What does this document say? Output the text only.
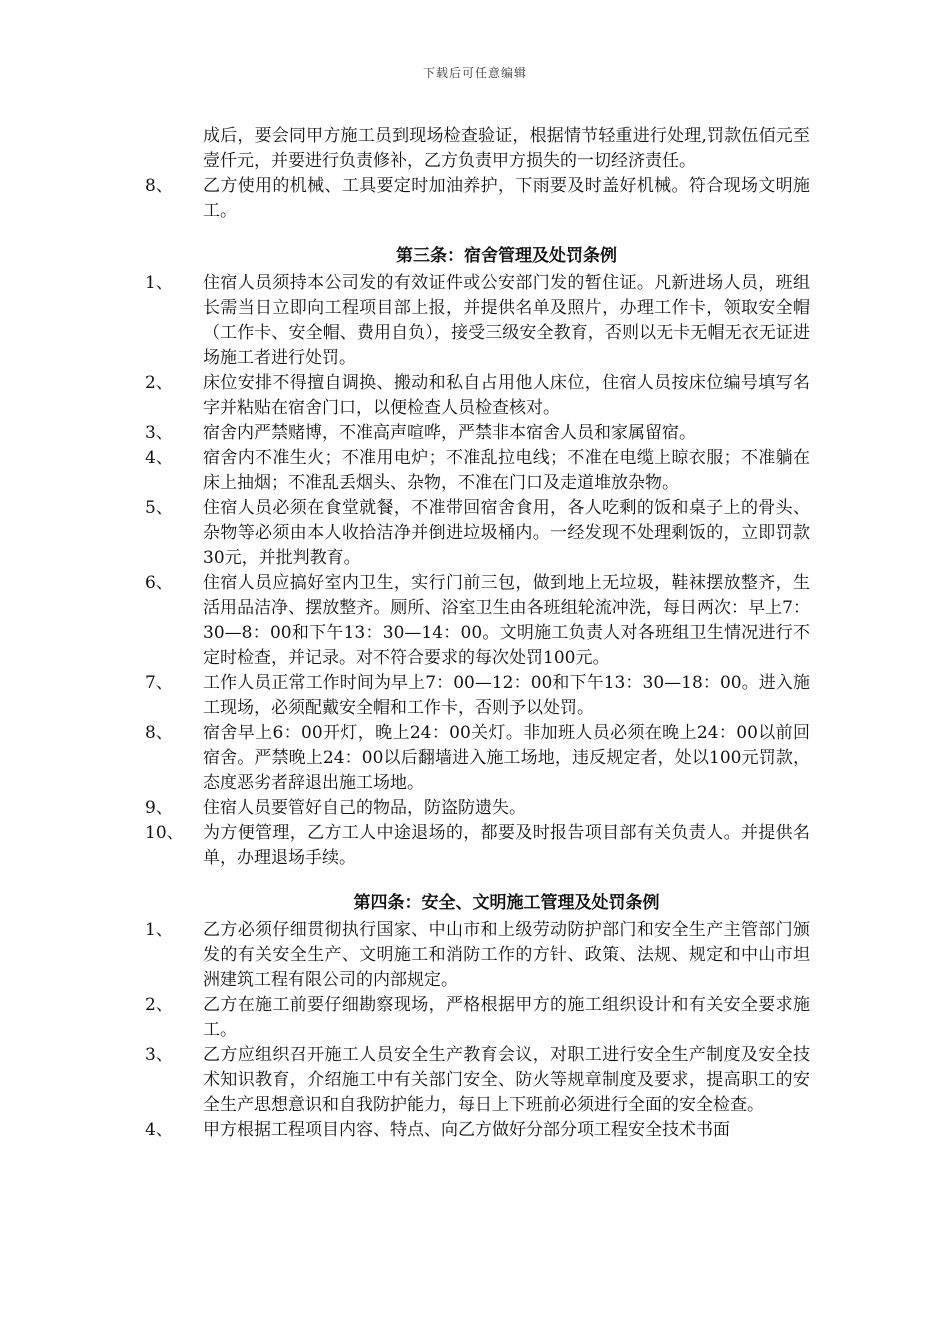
下载后可任意编辑
成后，要会同甲方施工员到现场检查验证，根据情节轻重进行处理,罚款伍佰元至壹仟元，并要进行负责修补，乙方负责甲方损失的一切经济责任。
8、	乙方使用的机械、工具要定时加油养护，下雨要及时盖好机械。符合现场文明施工。
第三条：宿舍管理及处罚条例
1、	住宿人员须持本公司发的有效证件或公安部门发的暂住证。凡新进场人员，班组长需当日立即向工程项目部上报，并提供名单及照片，办理工作卡，领取安全帽（工作卡、安全帽、费用自负），接受三级安全教育，否则以无卡无帽无衣无证进场施工者进行处罚。
2、	床位安排不得擅自调换、搬动和私自占用他人床位，住宿人员按床位编号填写名字并粘贴在宿舍门口，以便检查人员检查核对。
3、	宿舍内严禁赌博，不准高声喧哗，严禁非本宿舍人员和家属留宿。
4、	宿舍内不准生火；不准用电炉；不准乱拉电线；不准在电缆上晾衣服；不准躺在床上抽烟；不准乱丢烟头、杂物，不准在门口及走道堆放杂物。
5、	住宿人员必须在食堂就餐，不准带回宿舍食用，各人吃剩的饭和桌子上的骨头、杂物等必须由本人收拾洁净并倒进垃圾桶内。一经发现不处理剩饭的，立即罚款30元，并批判教育。
6、	住宿人员应搞好室内卫生，实行门前三包，做到地上无垃圾，鞋袜摆放整齐，生活用品洁净、摆放整齐。厕所、浴室卫生由各班组轮流冲洗，每日两次：早上7：30—8：00和下午13：30—14：00。文明施工负责人对各班组卫生情况进行不定时检查，并记录。对不符合要求的每次处罚100元。
7、	工作人员正常工作时间为早上7：00—12：00和下午13：30—18：00。进入施工现场，必须配戴安全帽和工作卡，否则予以处罚。
8、	宿舍早上6：00开灯，晚上24：00关灯。非加班人员必须在晚上24：00以前回宿舍。严禁晚上24：00以后翻墙进入施工场地，违反规定者，处以100元罚款，态度恶劣者辞退出施工场地。
9、	住宿人员要管好自己的物品，防盗防遗失。
10、	为方便管理，乙方工人中途退场的，都要及时报告项目部有关负责人。并提供名单，办理退场手续。
第四条：安全、文明施工管理及处罚条例
1、	乙方必须仔细贯彻执行国家、中山市和上级劳动防护部门和安全生产主管部门颁发的有关安全生产、文明施工和消防工作的方针、政策、法规、规定和中山市坦洲建筑工程有限公司的内部规定。
2、	乙方在施工前要仔细勘察现场，严格根据甲方的施工组织设计和有关安全要求施工。
3、	乙方应组织召开施工人员安全生产教育会议，对职工进行安全生产制度及安全技术知识教育，介绍施工中有关部门安全、防火等规章制度及要求，提高职工的安全生产思想意识和自我防护能力，每日上下班前必须进行全面的安全检查。
4、	甲方根据工程项目内容、特点、向乙方做好分部分项工程安全技术书面
